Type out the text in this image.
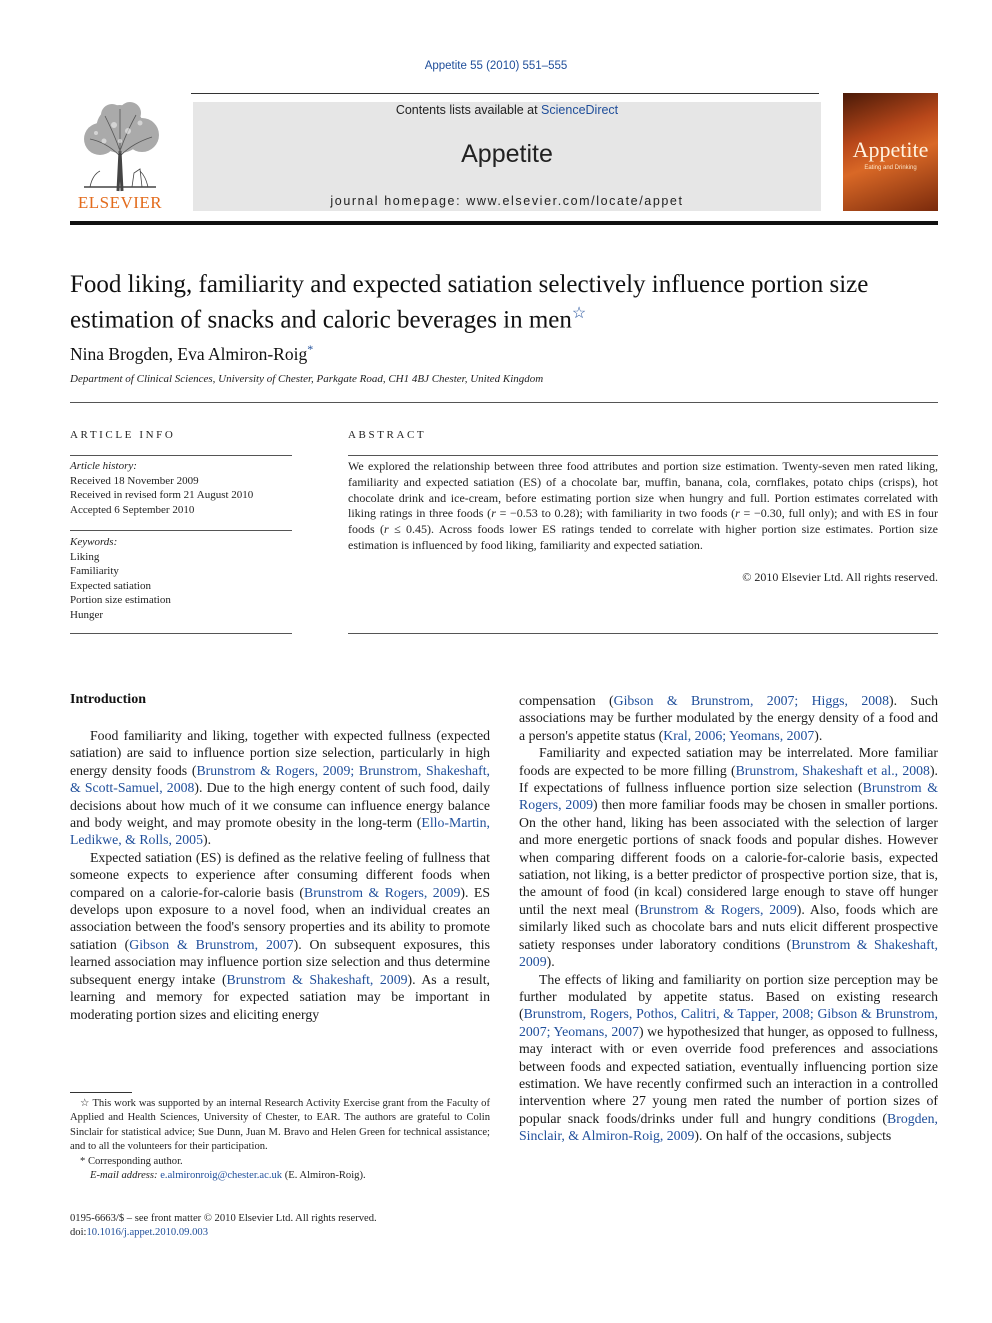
Appetite 55 (2010) 551–555
ELSEVIER
Contents lists available at ScienceDirect
Appetite
journal homepage: www.elsevier.com/locate/appet
Appetite
Eating and Drinking
Food liking, familiarity and expected satiation selectively influence portion size estimation of snacks and caloric beverages in men☆
Nina Brogden, Eva Almiron-Roig*
Department of Clinical Sciences, University of Chester, Parkgate Road, CH1 4BJ Chester, United Kingdom
ARTICLE INFO	ABSTRACT
Article history:
Received 18 November 2009
Received in revised form 21 August 2010
Accepted 6 September 2010
Keywords:
Liking
Familiarity
Expected satiation
Portion size estimation
Hunger
We explored the relationship between three food attributes and portion size estimation. Twenty-seven men rated liking, familiarity and expected satiation (ES) of a chocolate bar, muffin, banana, cola, cornflakes, potato chips (crisps), hot chocolate drink and ice-cream, before estimating portion size when hungry and full. Portion estimates correlated with liking ratings in three foods (r = −0.53 to 0.28); with familiarity in two foods (r = −0.30, full only); and with ES in four foods (r ≤ 0.45). Across foods lower ES ratings tended to correlate with higher portion size estimates. Portion size estimation is influenced by food liking, familiarity and expected satiation.
© 2010 Elsevier Ltd. All rights reserved.
Introduction

Food familiarity and liking, together with expected fullness (expected satiation) are said to influence portion size selection, particularly in high energy density foods (Brunstrom & Rogers, 2009; Brunstrom, Shakeshaft, & Scott-Samuel, 2008). Due to the high energy content of such food, daily decisions about how much of it we consume can influence energy balance and body weight, and may promote obesity in the long-term (Ello-Martin, Ledikwe, & Rolls, 2005).

Expected satiation (ES) is defined as the relative feeling of fullness that someone expects to experience after consuming different foods when compared on a calorie-for-calorie basis (Brunstrom & Rogers, 2009). ES develops upon exposure to a novel food, when an individual creates an association between the food's sensory properties and its ability to promote satiation (Gibson & Brunstrom, 2007). On subsequent exposures, this learned association may influence portion size selection and thus determine subsequent energy intake (Brunstrom & Shakeshaft, 2009). As a result, learning and memory for expected satiation may be important in moderating portion sizes and eliciting energy

compensation (Gibson & Brunstrom, 2007; Higgs, 2008). Such associations may be further modulated by the energy density of a food and a person's appetite status (Kral, 2006; Yeomans, 2007).

Familiarity and expected satiation may be interrelated. More familiar foods are expected to be more filling (Brunstrom, Shakeshaft et al., 2008). If expectations of fullness influence portion size selection (Brunstrom & Rogers, 2009) then more familiar foods may be chosen in smaller portions. On the other hand, liking has been associated with the selection of larger and more energetic portions of snack foods and popular dishes. However when comparing different foods on a calorie-for-calorie basis, expected satiation, not liking, is a better predictor of prospective portion size, that is, the amount of food (in kcal) considered large enough to stave off hunger until the next meal (Brunstrom & Rogers, 2009). Also, foods which are similarly liked such as chocolate bars and nuts elicit different prospective satiety responses under laboratory conditions (Brunstrom & Shakeshaft, 2009).

The effects of liking and familiarity on portion size perception may be further modulated by appetite status. Based on existing research (Brunstrom, Rogers, Pothos, Calitri, & Tapper, 2008; Gibson & Brunstrom, 2007; Yeomans, 2007) we hypothesized that hunger, as opposed to fullness, may interact with or even override food preferences and associations between foods and expected satiation, eventually influencing portion size estimation. We have recently confirmed such an interaction in a controlled intervention where 27 young men rated the number of portion sizes of popular snack foods/drinks under full and hungry conditions (Brogden, Sinclair, & Almiron-Roig, 2009). On half of the occasions, subjects

☆ This work was supported by an internal Research Activity Exercise grant from the Faculty of Applied and Health Sciences, University of Chester, to EAR. The authors are grateful to Colin Sinclair for statistical advice; Sue Dunn, Juan M. Bravo and Helen Green for technical assistance; and to all the volunteers for their participation.

* Corresponding author.

E-mail address: e.almironroig@chester.ac.uk (E. Almiron-Roig).

0195-6663/$ – see front matter © 2010 Elsevier Ltd. All rights reserved.

doi:10.1016/j.appet.2010.09.003
